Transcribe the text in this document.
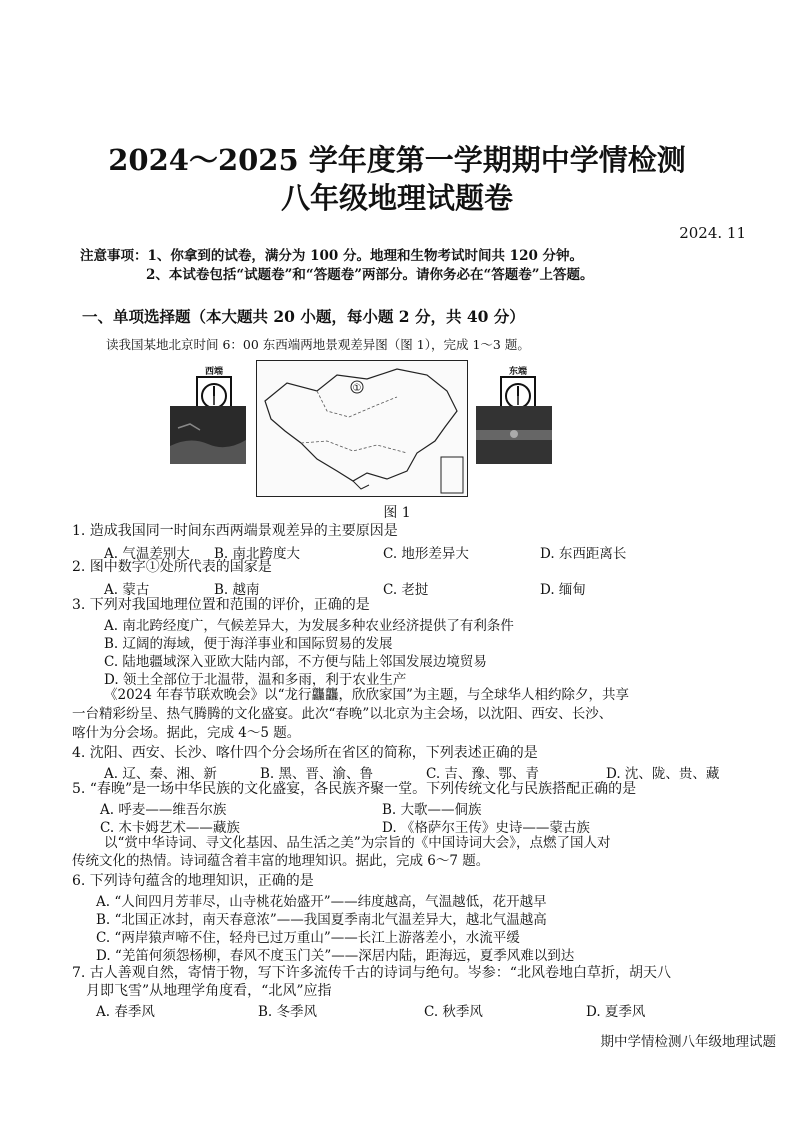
2024～2025 学年度第一学期期中学情检测
八年级地理试题卷
2024. 11
注意事项：1、你拿到的试卷，满分为 100 分。地理和生物考试时间共 120 分钟。
2、本试卷包括“试题卷”和“答题卷”两部分。请你务必在“答题卷”上答题。
一、单项选择题（本大题共 20 小题，每小题 2 分，共 40 分）
读我国某地北京时间 6：00 东西端两地景观差异图（图 1），完成 1～3 题。
西端
①
东端
图 1
1. 造成我国同一时间东西两端景观差异的主要原因是
A. 气温差别大 B. 南北跨度大	C. 地形差异大	D. 东西距离长
2. 图中数字①处所代表的国家是
A. 蒙古	B. 越南	C. 老挝	D. 缅甸
3. 下列对我国地理位置和范围的评价，正确的是
A. 南北跨经度广，气候差异大，为发展多种农业经济提供了有利条件
B. 辽阔的海域，便于海洋事业和国际贸易的发展
C. 陆地疆域深入亚欧大陆内部，不方便与陆上邻国发展边境贸易
D. 领土全部位于北温带，温和多雨，利于农业生产
《2024 年春节联欢晚会》以“龙行龘龘，欣欣家国”为主题，与全球华人相约除夕，共享
一台精彩纷呈、热气腾腾的文化盛宴。此次“春晚”以北京为主会场，以沈阳、西安、长沙、
喀什为分会场。据此，完成 4～5 题。
4. 沈阳、西安、长沙、喀什四个分会场所在省区的简称，下列表述正确的是
A. 辽、秦、湘、新	B. 黑、晋、渝、鲁	C. 吉、豫、鄂、青	D. 沈、陇、贵、藏
5. “春晚”是一场中华民族的文化盛宴，各民族齐聚一堂。下列传统文化与民族搭配正确的是
A. 呼麦——维吾尔族	B. 大歌——侗族
C. 木卡姆艺术——藏族	D. 《格萨尔王传》史诗——蒙古族
以“赏中华诗词、寻文化基因、品生活之美”为宗旨的《中国诗词大会》，点燃了国人对
传统文化的热情。诗词蕴含着丰富的地理知识。据此，完成 6～7 题。
6. 下列诗句蕴含的地理知识，正确的是
A. “人间四月芳菲尽，山寺桃花始盛开”——纬度越高，气温越低，花开越早
B. “北国正冰封，南天春意浓”——我国夏季南北气温差异大，越北气温越高
C. “两岸猿声啼不住，轻舟已过万重山”——长江上游落差小，水流平缓
D. “羌笛何须怨杨柳，春风不度玉门关”——深居内陆，距海远，夏季风难以到达
7. 古人善观自然，寄情于物，写下许多流传千古的诗词与绝句。岑参：“北风卷地白草折，胡天八
月即飞雪”从地理学角度看，“北风”应指
A. 春季风	B. 冬季风	C. 秋季风	D. 夏季风
期中学情检测八年级地理试题
